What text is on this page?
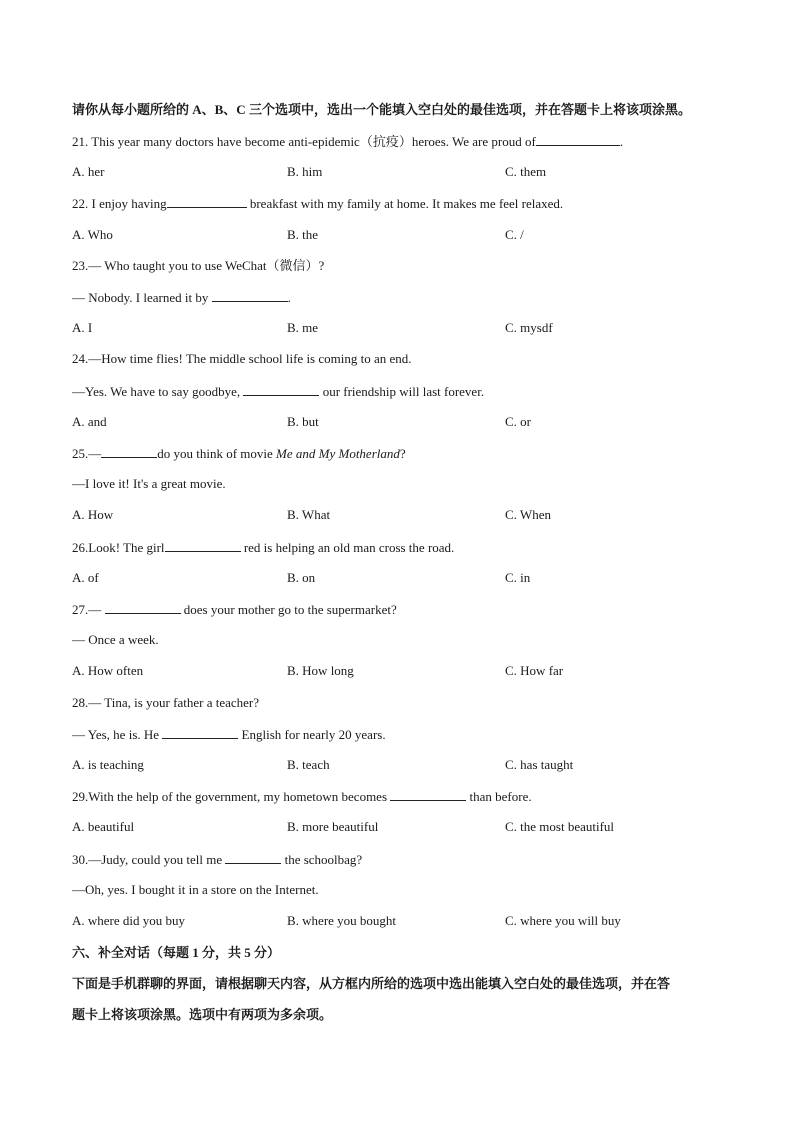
请你从每小题所给的 A、B、C 三个选项中，选出一个能填入空白处的最佳选项，并在答题卡上将该项涂黑。
21. This year many doctors have become anti-epidemic（抗疫）heroes. We are proud of	.
A. her	B. him	C. them
22. I enjoy having	breakfast with my family at home. It makes me feel relaxed.
A. Who	B. the	C. /
23.— Who taught you to use WeChat（微信）?
— Nobody. I learned it by	.
A. I	B. me	C. mysdf
24.—How time flies! The middle school life is coming to an end.
—Yes. We have to say goodbye,	our friendship will last forever.
A. and	B. but	C. or
25.—	do you think of movie Me and My Motherland?
—I love it! It's a great movie.
A. How	B. What	C. When
26.Look! The girl	red is helping an old man cross the road.
A. of	B. on	C. in
27.—	does your mother go to the supermarket?
— Once a week.
A. How often	B. How long	C. How far
28.— Tina, is your father a teacher?
— Yes, he is. He	English for nearly 20 years.
A. is teaching	B. teach	C. has taught
29.With the help of the government, my hometown becomes	than before.
A. beautiful	B. more beautiful	C. the most beautiful
30.—Judy, could you tell me	the schoolbag?
—Oh, yes. I bought it in a store on the Internet.
A. where did you buy	B. where you bought	C. where you will buy
六、补全对话（每题 1 分，共 5 分）
下面是手机群聊的界面，请根据聊天内容，从方框内所给的选项中选出能填入空白处的最佳选项，并在答
题卡上将该项涂黑。选项中有两项为多余项。
